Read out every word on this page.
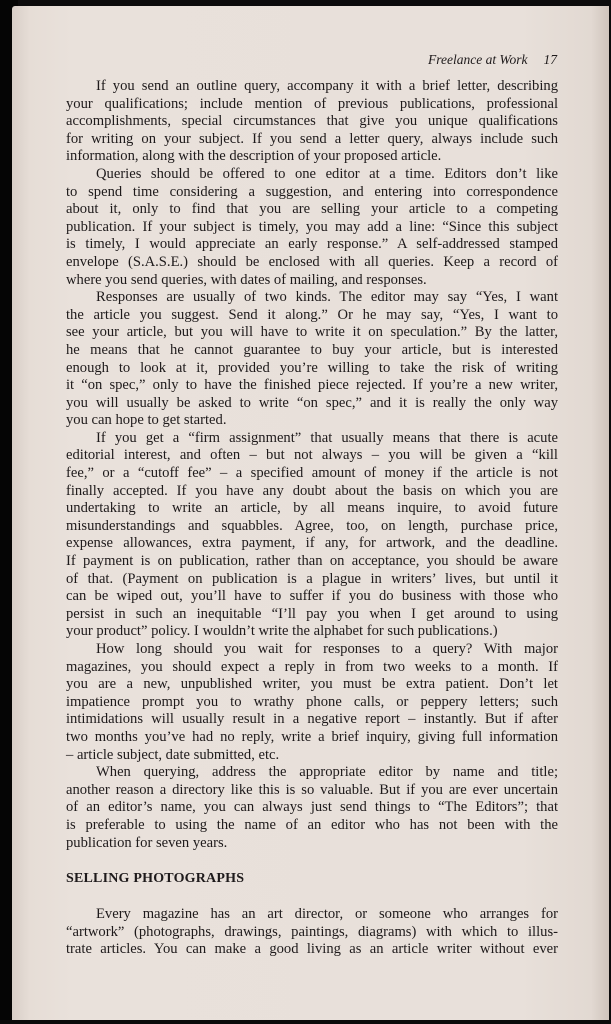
Freelance at Work 17
If you send an outline query, accompany it with a brief letter, describing
your qualifications; include mention of previous publications, professional
accomplishments, special circumstances that give you unique qualifications
for writing on your subject. If you send a letter query, always include such
information, along with the description of your proposed article.
Queries should be offered to one editor at a time. Editors don’t like
to spend time considering a suggestion, and entering into correspondence
about it, only to find that you are selling your article to a competing
publication. If your subject is timely, you may add a line: “Since this subject
is timely, I would appreciate an early response.” A self-addressed stamped
envelope (S.A.S.E.) should be enclosed with all queries. Keep a record of
where you send queries, with dates of mailing, and responses.
Responses are usually of two kinds. The editor may say “Yes, I want
the article you suggest. Send it along.” Or he may say, “Yes, I want to
see your article, but you will have to write it on speculation.” By the latter,
he means that he cannot guarantee to buy your article, but is interested
enough to look at it, provided you’re willing to take the risk of writing
it “on spec,” only to have the finished piece rejected. If you’re a new writer,
you will usually be asked to write “on spec,” and it is really the only way
you can hope to get started.
If you get a “firm assignment” that usually means that there is acute
editorial interest, and often – but not always – you will be given a “kill
fee,” or a “cutoff fee” – a specified amount of money if the article is not
finally accepted. If you have any doubt about the basis on which you are
undertaking to write an article, by all means inquire, to avoid future
misunderstandings and squabbles. Agree, too, on length, purchase price,
expense allowances, extra payment, if any, for artwork, and the deadline.
If payment is on publication, rather than on acceptance, you should be aware
of that. (Payment on publication is a plague in writers’ lives, but until it
can be wiped out, you’ll have to suffer if you do business with those who
persist in such an inequitable “I’ll pay you when I get around to using
your product” policy. I wouldn’t write the alphabet for such publications.)
How long should you wait for responses to a query? With major
magazines, you should expect a reply in from two weeks to a month. If
you are a new, unpublished writer, you must be extra patient. Don’t let
impatience prompt you to wrathy phone calls, or peppery letters; such
intimidations will usually result in a negative report – instantly. But if after
two months you’ve had no reply, write a brief inquiry, giving full information
– article subject, date submitted, etc.
When querying, address the appropriate editor by name and title;
another reason a directory like this is so valuable. But if you are ever uncertain
of an editor’s name, you can always just send things to “The Editors”; that
is preferable to using the name of an editor who has not been with the
publication for seven years.
SELLING PHOTOGRAPHS
Every magazine has an art director, or someone who arranges for
“artwork” (photographs, drawings, paintings, diagrams) with which to illus-
trate articles. You can make a good living as an article writer without ever
